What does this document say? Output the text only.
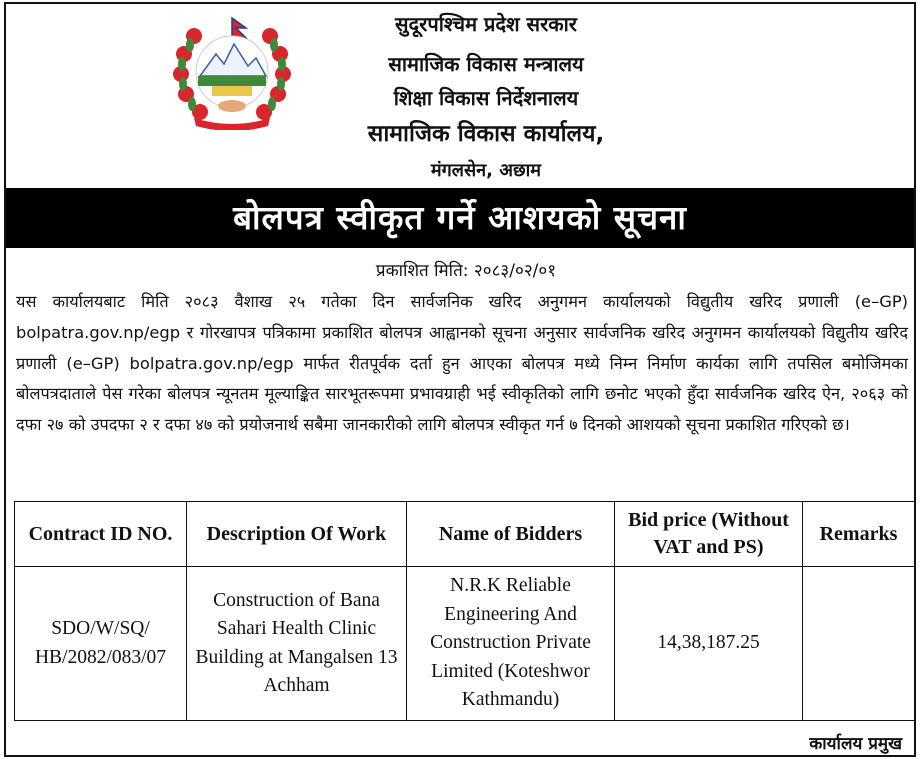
सुदूरपश्चिम प्रदेश सरकार
सामाजिक विकास मन्त्रालय
शिक्षा विकास निर्देशनालय
सामाजिक विकास कार्यालय,
मंगलसेन, अछाम
बोलपत्र स्वीकृत गर्ने आशयको सूचना
प्रकाशित मिति: २०८३/०२/०१
यस कार्यालयबाट मिति २०८३ वैशाख २५ गतेका दिन सार्वजनिक खरिद अनुगमन कार्यालयको विद्युतीय खरिद प्रणाली (e–GP) bolpatra.gov.np/egp र गोरखापत्र पत्रिकामा प्रकाशित बोलपत्र आह्वानको सूचना अनुसार सार्वजनिक खरिद अनुगमन कार्यालयको विद्युतीय खरिद प्रणाली (e–GP) bolpatra.gov.np/egp मार्फत रीतपूर्वक दर्ता हुन आएका बोलपत्र मध्ये निम्न निर्माण कार्यका लागि तपसिल बमोजिमका बोलपत्रदाताले पेस गरेका बोलपत्र न्यूनतम मूल्याङ्कित सारभूतरूपमा प्रभावग्राही भई स्वीकृतिको लागि छनोट भएको हुँदा सार्वजनिक खरिद ऐन, २०६३ को दफा २७ को उपदफा २ र दफा ४७ को प्रयोजनार्थ सबैमा जानकारीको लागि बोलपत्र स्वीकृत गर्न ७ दिनको आशयको सूचना प्रकाशित गरिएको छ।
Contract ID NO.	Description Of Work	Name of Bidders	Bid price (Without VAT and PS)	Remarks
SDO/W/SQ/ HB/2082/083/07	Construction of Bana Sahari Health Clinic Building at Mangalsen 13 Achham	N.R.K Reliable Engineering And Construction Private Limited (Koteshwor Kathmandu)	14,38,187.25	
कार्यालय प्रमुख
